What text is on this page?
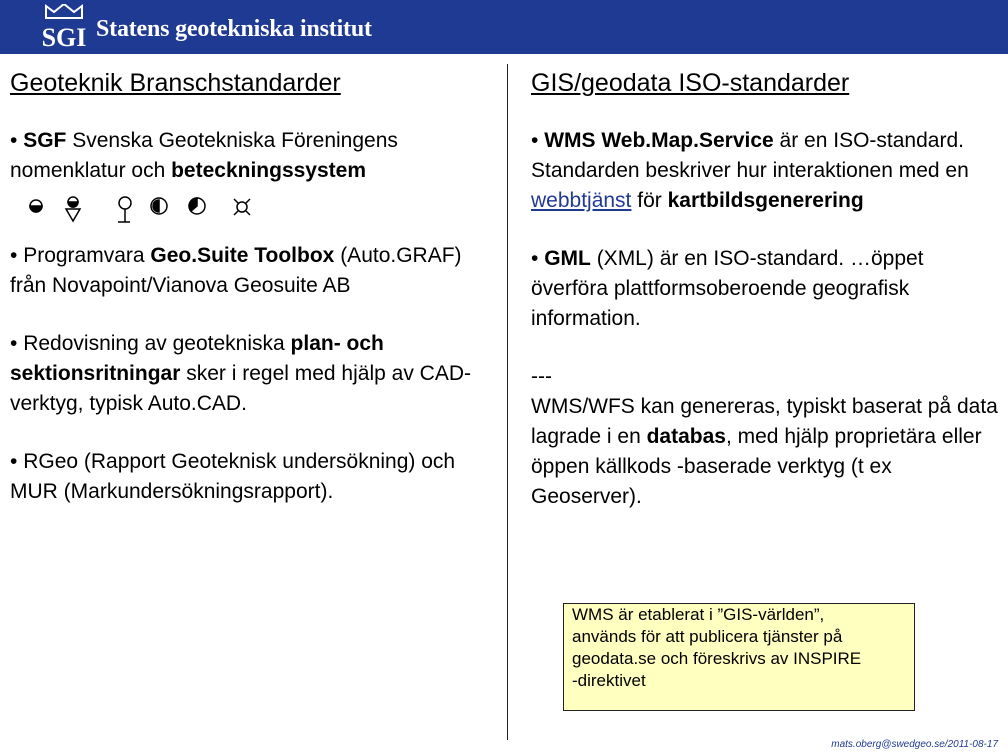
SGI Statens geotekniska institut
Geoteknik Branschstandarder

• SGF Svenska Geotekniska Föreningens nomenklatur och beteckningssystem

• Programvara Geo.Suite Toolbox (Auto.GRAF) från Novapoint/Vianova Geosuite AB

• Redovisning av geotekniska plan- och sektionsritningar sker i regel med hjälp av CAD-verktyg, typisk Auto.CAD.

• RGeo (Rapport Geoteknisk undersökning) och MUR (Markundersökningsrapport).

GIS/geodata ISO-standarder

• WMS Web.Map.Service är en ISO-standard. Standarden beskriver hur interaktionen med en webbtjänst för kartbildsgenerering

• GML (XML) är en ISO-standard. …öppet överföra plattformsoberoende geografisk information.

---
WMS/WFS kan genereras, typiskt baserat på data lagrade i en databas, med hjälp proprietära eller öppen källkods -baserade verktyg (t ex Geoserver).

WMS är etablerat i ”GIS-världen”,
används för att publicera tjänster på
geodata.se och föreskrivs av INSPIRE
-direktivet
mats.oberg@swedgeo.se/2011-08-17
